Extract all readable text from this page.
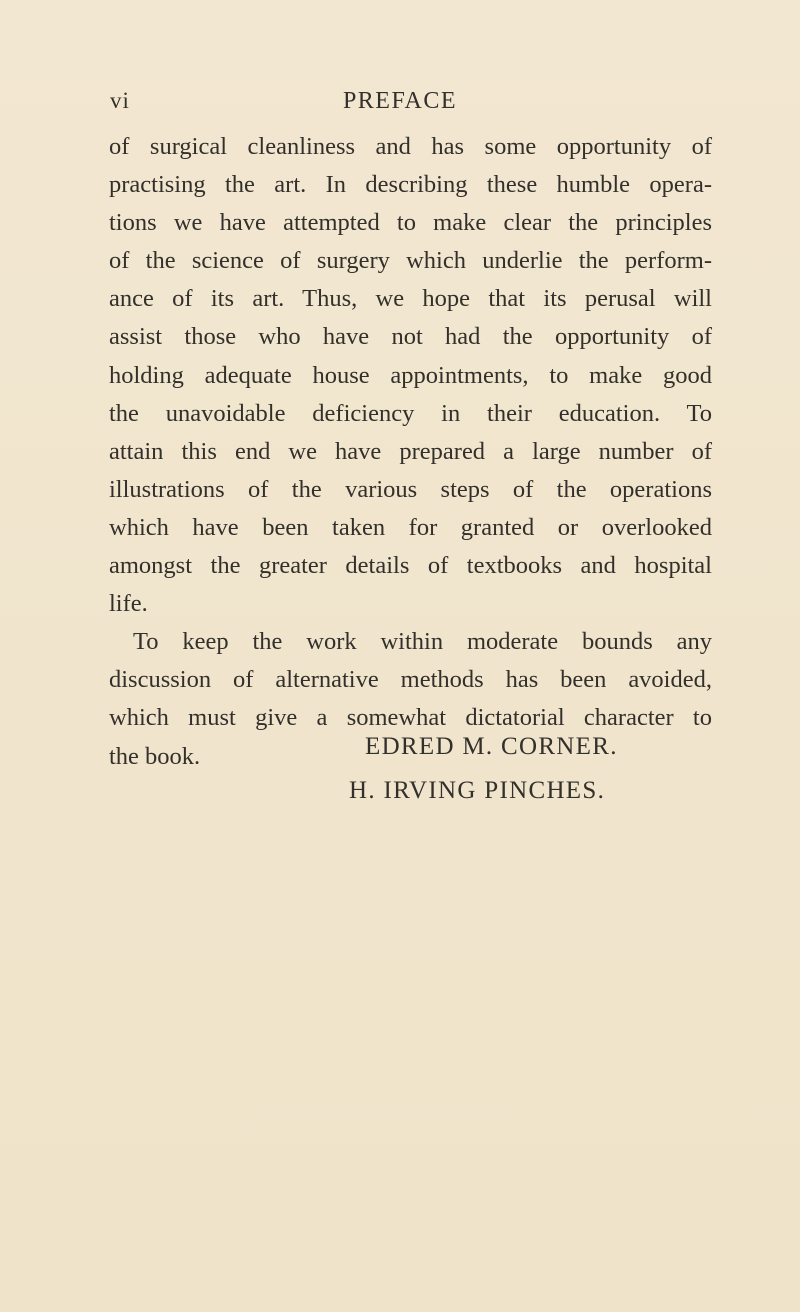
vi	PREFACE
of surgical cleanliness and has some opportunity of
practising the art. In describing these humble opera-
tions we have attempted to make clear the principles
of the science of surgery which underlie the perform-
ance of its art. Thus, we hope that its perusal will
assist those who have not had the opportunity of
holding adequate house appointments, to make good
the unavoidable deficiency in their education. To
attain this end we have prepared a large number of
illustrations of the various steps of the operations
which have been taken for granted or overlooked
amongst the greater details of textbooks and hospital
life.
To keep the work within moderate bounds any
discussion of alternative methods has been avoided,
which must give a somewhat dictatorial character to
the book.	EDRED M. CORNER.
H. IRVING PINCHES.
